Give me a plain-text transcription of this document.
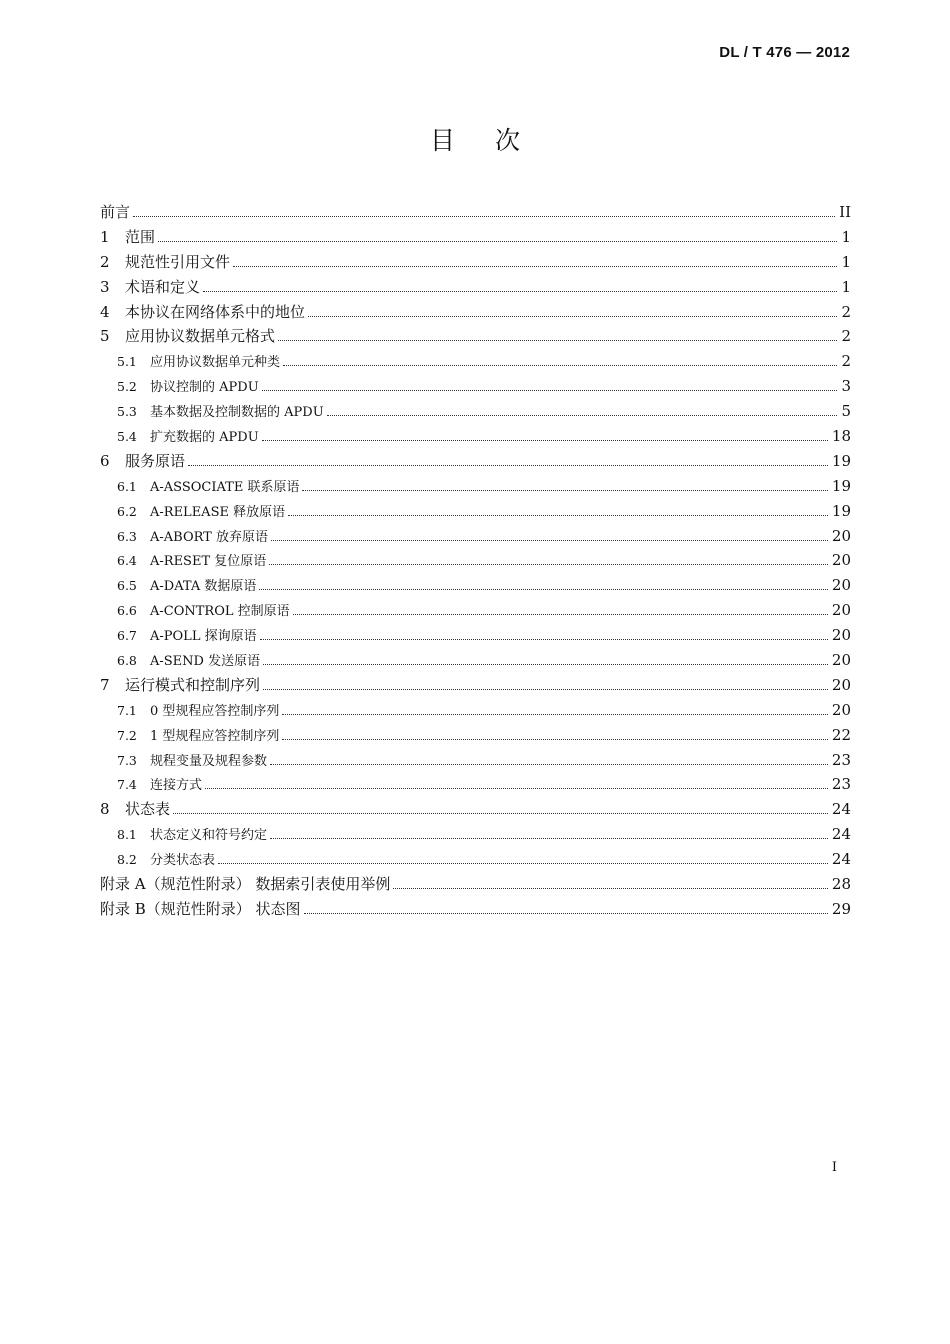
DL / T 476 — 2012
目次
前言	II
1	范围	1
2	规范性引用文件	1
3	术语和定义	1
4	本协议在网络体系中的地位	2
5	应用协议数据单元格式	2
5.1	应用协议数据单元种类	2
5.2	协议控制的 APDU	3
5.3	基本数据及控制数据的 APDU	5
5.4	扩充数据的 APDU	18
6	服务原语	19
6.1	A-ASSOCIATE 联系原语	19
6.2	A-RELEASE 释放原语	19
6.3	A-ABORT 放弃原语	20
6.4	A-RESET 复位原语	20
6.5	A-DATA 数据原语	20
6.6	A-CONTROL 控制原语	20
6.7	A-POLL 探询原语	20
6.8	A-SEND 发送原语	20
7	运行模式和控制序列	20
7.1	0 型规程应答控制序列	20
7.2	1 型规程应答控制序列	22
7.3	规程变量及规程参数	23
7.4	连接方式	23
8	状态表	24
8.1	状态定义和符号约定	24
8.2	分类状态表	24
附录 A（规范性附录） 数据索引表使用举例	28
附录 B（规范性附录） 状态图	29
I
